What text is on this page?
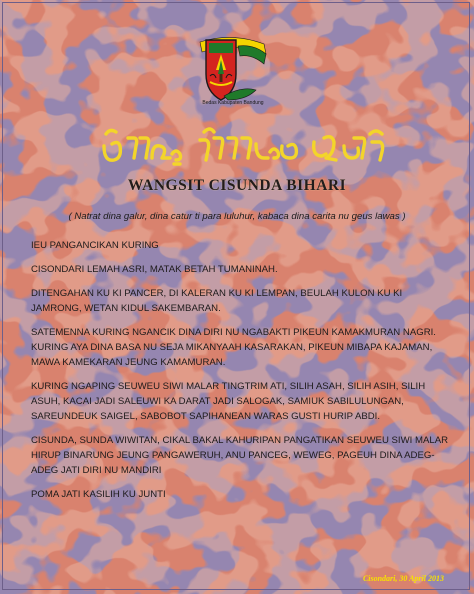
Bedas Kabupaten Bandung
WANGSIT CISUNDA BIHARI
( Natrat dina galur, dina catur ti para luluhur, kabaca dina carita nu geus lawas )

IEU PANGANCIKAN KURING

CISONDARI LEMAH ASRI, MATAK BETAH TUMANINAH.

DITENGAHAN KU KI PANCER, DI KALERAN KU KI LEMPAN, BEULAH KULON KU KI JAMRONG, WETAN KIDUL SAKEMBARAN.

SATEMENNA KURING NGANCIK DINA DIRI NU NGABAKTI PIKEUN KAMAKMURAN NAGRI. KURING AYA DINA BASA NU SEJA MIKANYAAH KASARAKAN, PIKEUN MIBAPA KAJAMAN, MAWA KAMEKARAN JEUNG KAMAMURAN.

KURING NGAPING SEUWEU SIWI MALAR TINGTRIM ATI, SILIH ASAH, SILIH ASIH, SILIH ASUH, KACAI JADI SALEUWI KA DARAT JADI SALOGAK, SAMIUK SABILULUNGAN, SAREUNDEUK SAIGEL, SABOBOT SAPIHANEAN WARAS GUSTI HURIP ABDI.

CISUNDA, SUNDA WIWITAN, CIKAL BAKAL KAHURIPAN PANGATIKAN SEUWEU SIWI MALAR HIRUP BINARUNG JEUNG PANGAWERUH, ANU PANCEG, WEWEG, PAGEUH DINA ADEG-ADEG JATI DIRI NU MANDIRI

POMA JATI KASILIH KU JUNTI

Cisondari, 30 April 2013
